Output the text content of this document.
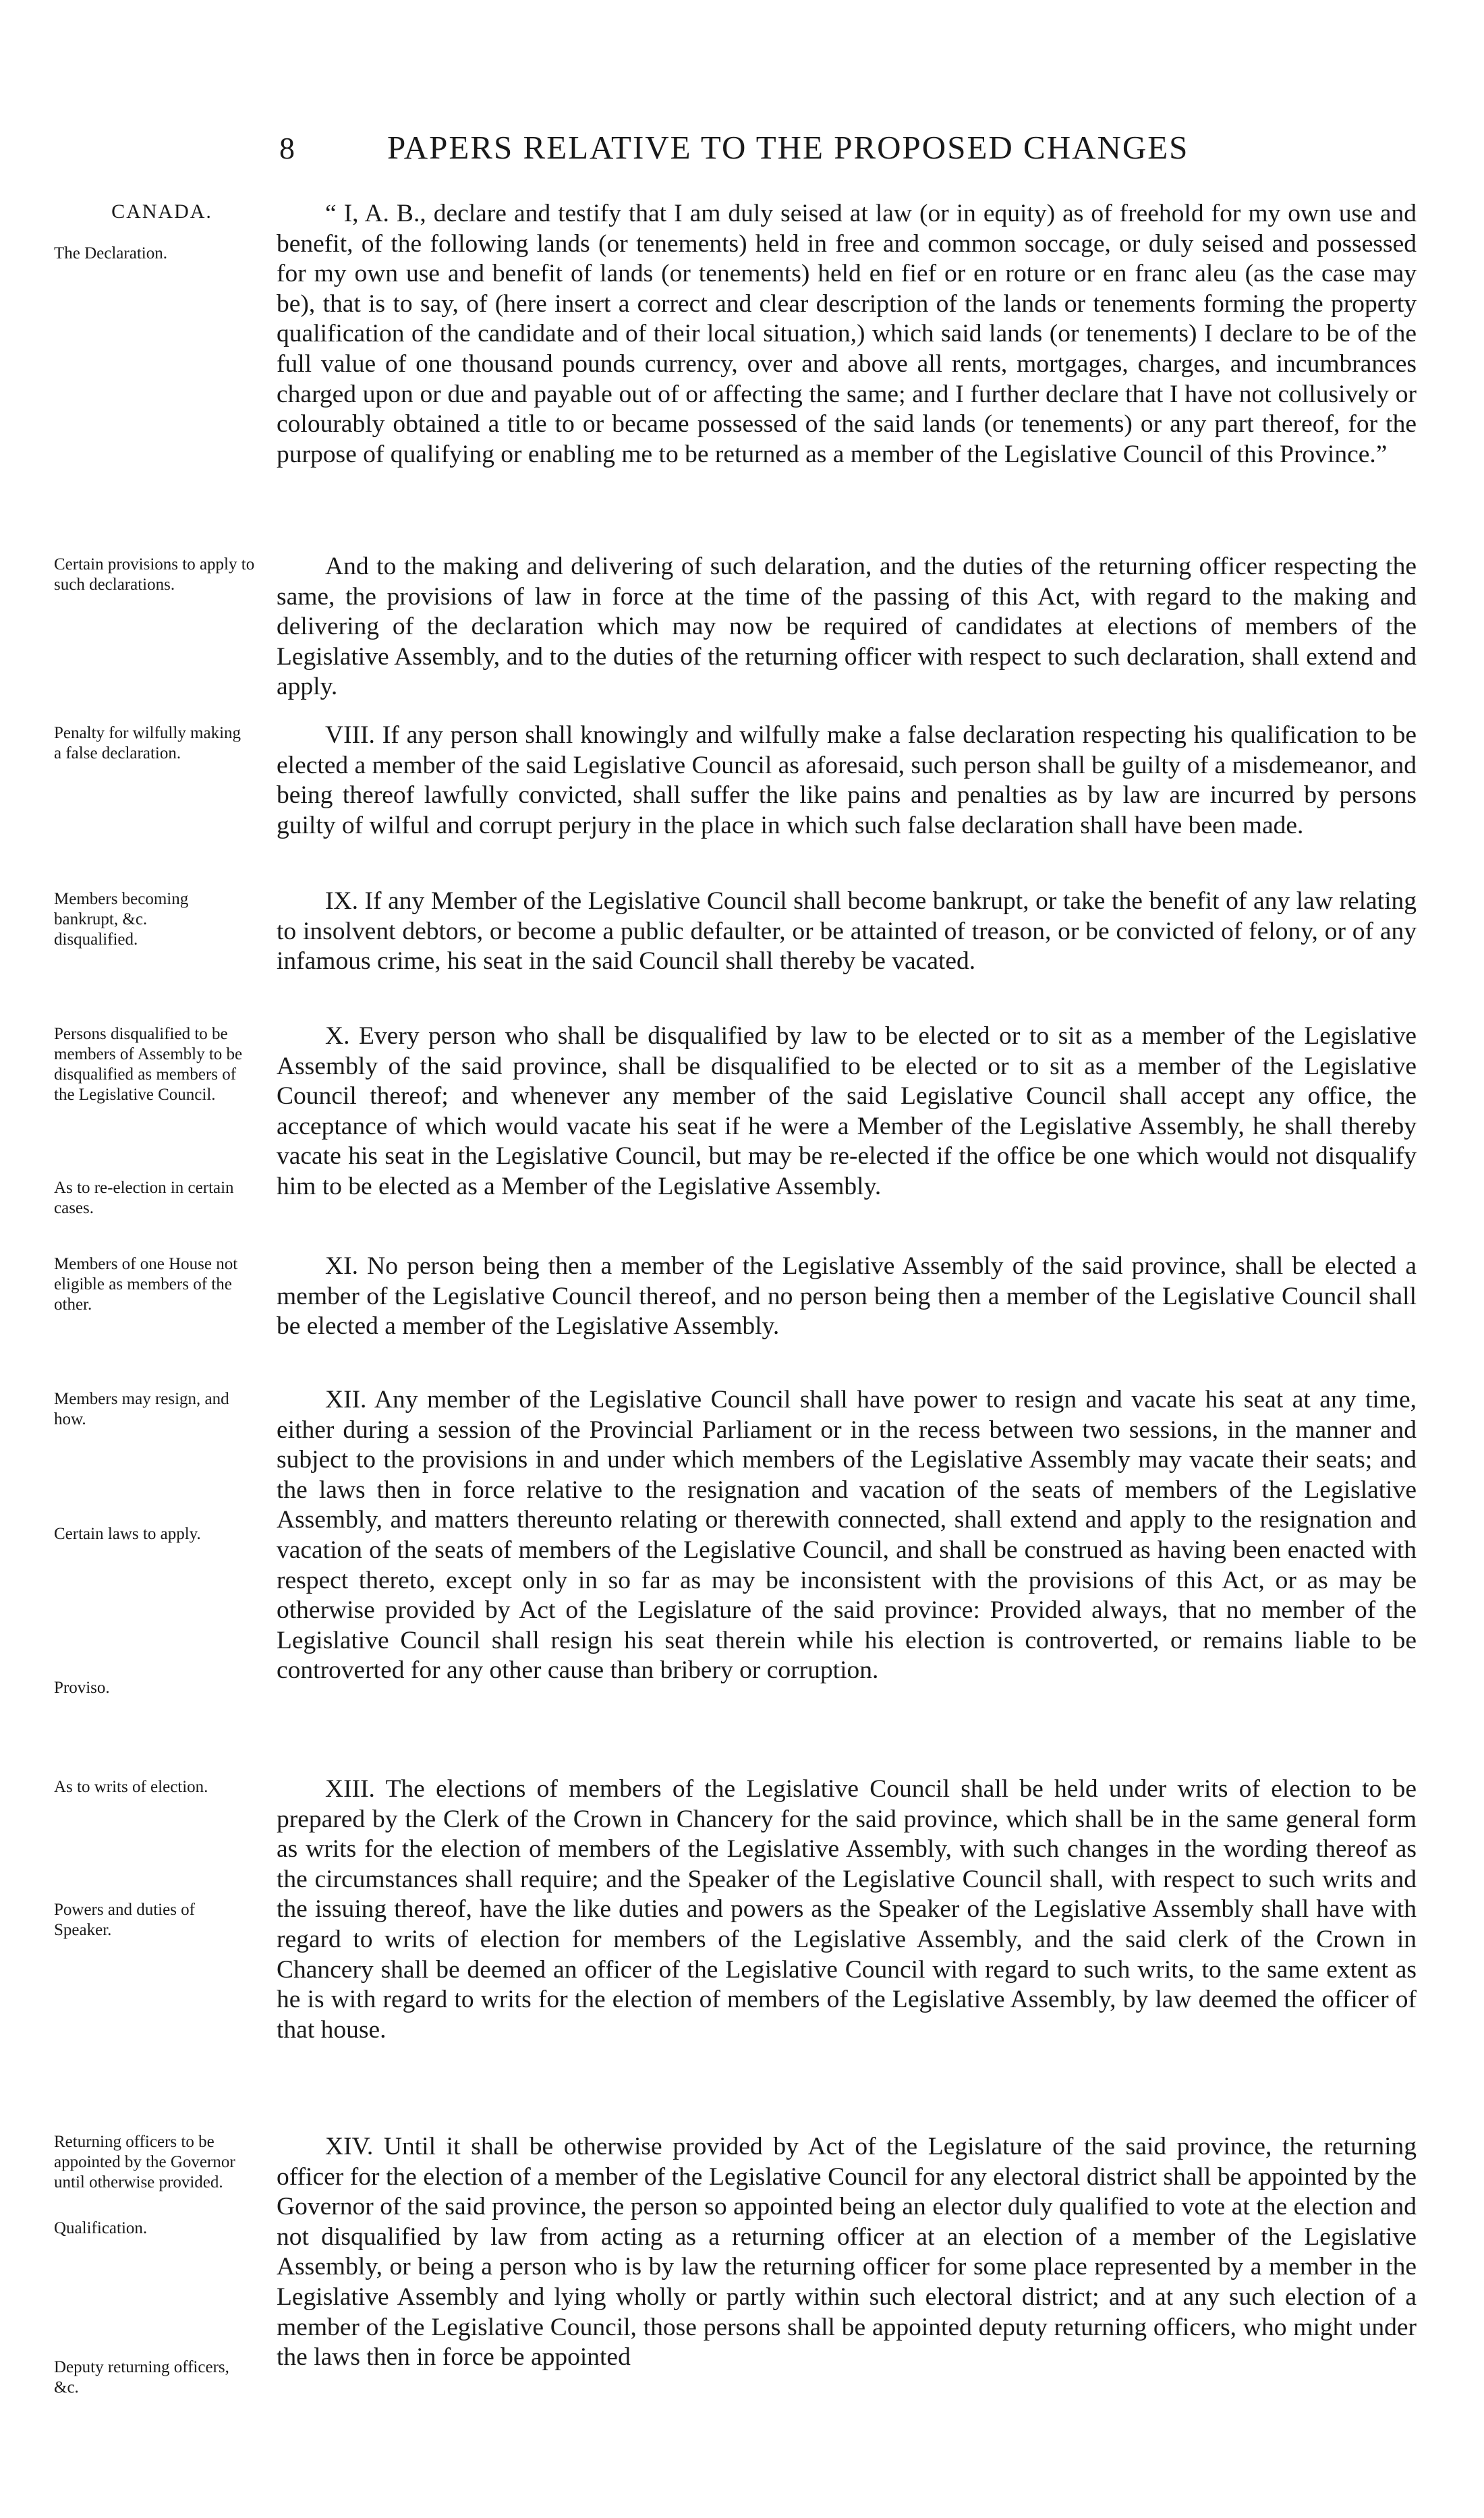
8	PAPERS RELATIVE TO THE PROPOSED CHANGES
CANADA.
The Declaration.

“ I, A. B., declare and testify that I am duly seised at law (or in equity) as of freehold for my own use and benefit, of the following lands (or tenements) held in free and common soccage, or duly seised and possessed for my own use and benefit of lands (or tenements) held en fief or en roture or en franc aleu (as the case may be), that is to say, of (here insert a correct and clear description of the lands or tenements forming the property qualification of the candidate and of their local situation,) which said lands (or tenements) I declare to be of the full value of one thousand pounds currency, over and above all rents, mortgages, charges, and incumbrances charged upon or due and payable out of or affecting the same; and I further declare that I have not collusively or colourably obtained a title to or became possessed of the said lands (or tenements) or any part thereof, for the purpose of qualifying or enabling me to be returned as a member of the Legislative Council of this Province.”

Certain provisions to apply to such declarations.

And to the making and delivering of such delaration, and the duties of the returning officer respecting the same, the provisions of law in force at the time of the passing of this Act, with regard to the making and delivering of the declaration which may now be required of candidates at elections of members of the Legislative Assembly, and to the duties of the returning officer with respect to such declaration, shall extend and apply.

Penalty for wilfully making a false declaration.

VIII. If any person shall knowingly and wilfully make a false declaration respecting his qualification to be elected a member of the said Legislative Council as aforesaid, such person shall be guilty of a misdemeanor, and being thereof lawfully convicted, shall suffer the like pains and penalties as by law are incurred by persons guilty of wilful and corrupt perjury in the place in which such false declaration shall have been made.

Members becoming bankrupt, &c. disqualified.

IX. If any Member of the Legislative Council shall become bankrupt, or take the benefit of any law relating to insolvent debtors, or become a public defaulter, or be attainted of treason, or be convicted of felony, or of any infamous crime, his seat in the said Council shall thereby be vacated.

Persons disqualified to be members of Assembly to be disqualified as members of the Legislative Council.
As to re-election in certain cases.

X. Every person who shall be disqualified by law to be elected or to sit as a member of the Legislative Assembly of the said province, shall be disqualified to be elected or to sit as a member of the Legislative Council thereof; and whenever any member of the said Legislative Council shall accept any office, the acceptance of which would vacate his seat if he were a Member of the Legislative Assembly, he shall thereby vacate his seat in the Legislative Council, but may be re-elected if the office be one which would not disqualify him to be elected as a Member of the Legislative Assembly.

Members of one House not eligible as members of the other.

XI. No person being then a member of the Legislative Assembly of the said province, shall be elected a member of the Legislative Council thereof, and no person being then a member of the Legislative Council shall be elected a member of the Legislative Assembly.

Members may resign, and how.
Certain laws to apply.
Proviso.

XII. Any member of the Legislative Council shall have power to resign and vacate his seat at any time, either during a session of the Provincial Parliament or in the recess between two sessions, in the manner and subject to the provisions in and under which members of the Legislative Assembly may vacate their seats; and the laws then in force relative to the resignation and vacation of the seats of members of the Legislative Assembly, and matters thereunto relating or therewith connected, shall extend and apply to the resignation and vacation of the seats of members of the Legislative Council, and shall be construed as having been enacted with respect thereto, except only in so far as may be inconsistent with the provisions of this Act, or as may be otherwise provided by Act of the Legislature of the said province: Provided always, that no member of the Legislative Council shall resign his seat therein while his election is controverted, or remains liable to be controverted for any other cause than bribery or corruption.

As to writs of election.
Powers and duties of Speaker.

XIII. The elections of members of the Legislative Council shall be held under writs of election to be prepared by the Clerk of the Crown in Chancery for the said province, which shall be in the same general form as writs for the election of members of the Legislative Assembly, with such changes in the wording thereof as the circumstances shall require; and the Speaker of the Legislative Council shall, with respect to such writs and the issuing thereof, have the like duties and powers as the Speaker of the Legislative Assembly shall have with regard to writs of election for members of the Legislative Assembly, and the said clerk of the Crown in Chancery shall be deemed an officer of the Legislative Council with regard to such writs, to the same extent as he is with regard to writs for the election of members of the Legislative Assembly, by law deemed the officer of that house.

Returning officers to be appointed by the Governor until otherwise provided.
Qualification.
Deputy returning officers, &c.

XIV. Until it shall be otherwise provided by Act of the Legislature of the said province, the returning officer for the election of a member of the Legislative Council for any electoral district shall be appointed by the Governor of the said province, the person so appointed being an elector duly qualified to vote at the election and not disqualified by law from acting as a returning officer at an election of a member of the Legislative Assembly, or being a person who is by law the returning officer for some place represented by a member in the Legislative Assembly and lying wholly or partly within such electoral district; and at any such election of a member of the Legislative Council, those persons shall be appointed deputy returning officers, who might under the laws then in force be appointed
